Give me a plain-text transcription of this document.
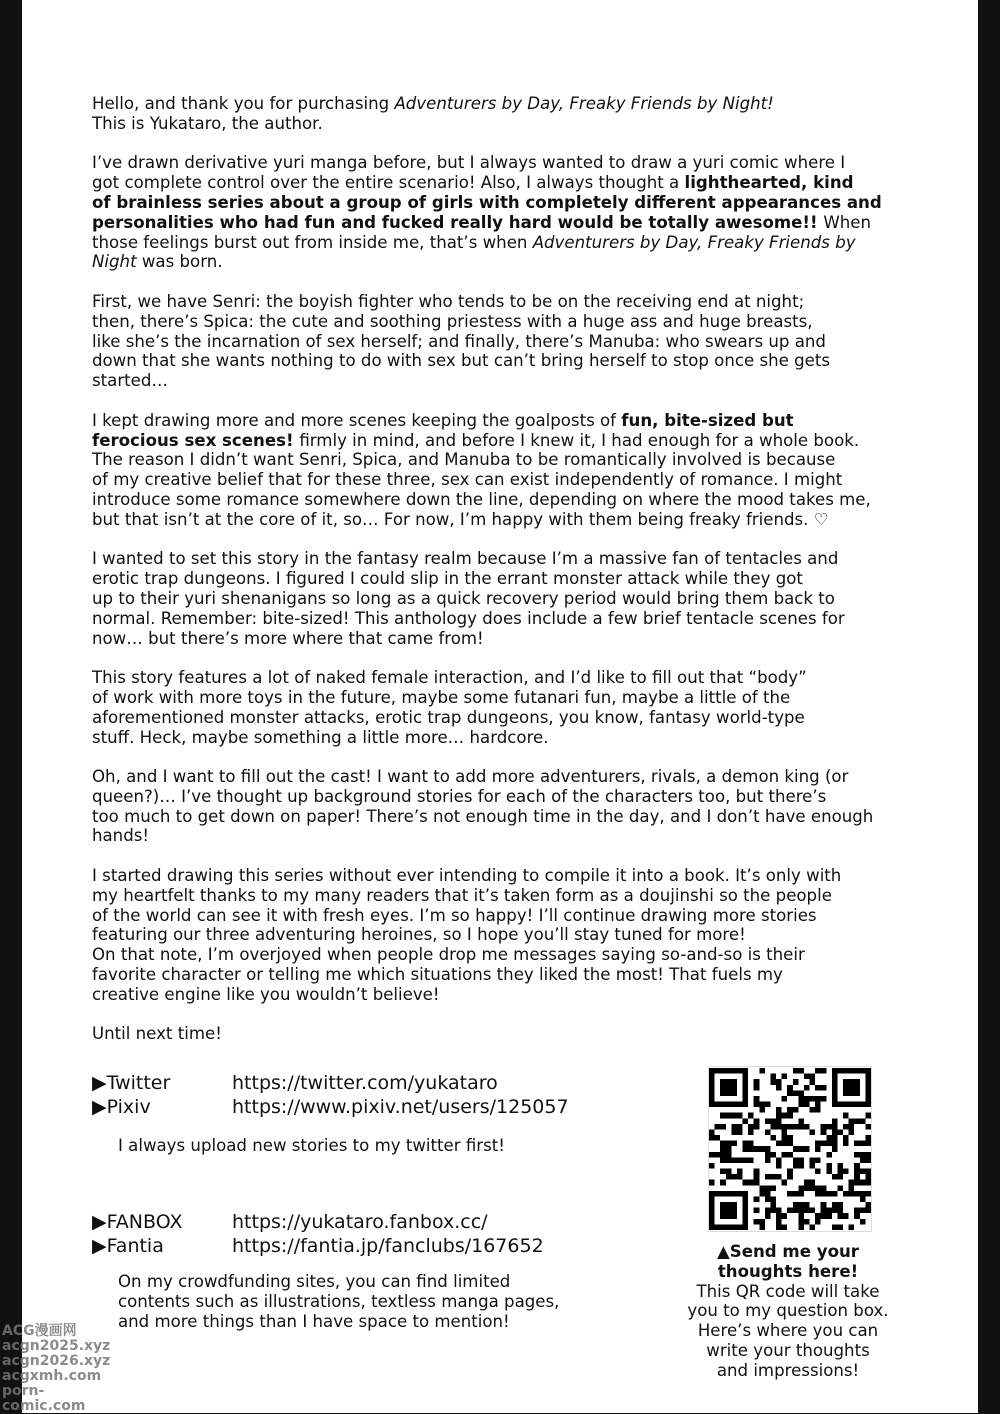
Hello, and thank you for purchasing Adventurers by Day, Freaky Friends by Night!
This is Yukataro, the author.

I’ve drawn derivative yuri manga before, but I always wanted to draw a yuri comic where I
got complete control over the entire scenario! Also, I always thought a lighthearted, kind
of brainless series about a group of girls with completely different appearances and
personalities who had fun and fucked really hard would be totally awesome!! When
those feelings burst out from inside me, that’s when Adventurers by Day, Freaky Friends by
Night was born.

First, we have Senri: the boyish fighter who tends to be on the receiving end at night;
then, there’s Spica: the cute and soothing priestess with a huge ass and huge breasts,
like she’s the incarnation of sex herself; and finally, there’s Manuba: who swears up and
down that she wants nothing to do with sex but can’t bring herself to stop once she gets
started…

I kept drawing more and more scenes keeping the goalposts of fun, bite-sized but
ferocious sex scenes! firmly in mind, and before I knew it, I had enough for a whole book.
The reason I didn’t want Senri, Spica, and Manuba to be romantically involved is because
of my creative belief that for these three, sex can exist independently of romance. I might
introduce some romance somewhere down the line, depending on where the mood takes me,
but that isn’t at the core of it, so… For now, I’m happy with them being freaky friends. ♡

I wanted to set this story in the fantasy realm because I’m a massive fan of tentacles and
erotic trap dungeons. I figured I could slip in the errant monster attack while they got
up to their yuri shenanigans so long as a quick recovery period would bring them back to
normal. Remember: bite-sized! This anthology does include a few brief tentacle scenes for
now… but there’s more where that came from!

This story features a lot of naked female interaction, and I’d like to fill out that “body”
of work with more toys in the future, maybe some futanari fun, maybe a little of the
aforementioned monster attacks, erotic trap dungeons, you know, fantasy world-type
stuff. Heck, maybe something a little more… hardcore.

Oh, and I want to fill out the cast! I want to add more adventurers, rivals, a demon king (or
queen?)… I’ve thought up background stories for each of the characters too, but there’s
too much to get down on paper! There’s not enough time in the day, and I don’t have enough
hands!

I started drawing this series without ever intending to compile it into a book. It’s only with
my heartfelt thanks to my many readers that it’s taken form as a doujinshi so the people
of the world can see it with fresh eyes. I’m so happy! I’ll continue drawing more stories
featuring our three adventuring heroines, so I hope you’ll stay tuned for more!
On that note, I’m overjoyed when people drop me messages saying so-and-so is their
favorite character or telling me which situations they liked the most! That fuels my
creative engine like you wouldn’t believe!

Until next time!

▶Twitter	https://twitter.com/yukataro
▶Pixiv	https://www.pixiv.net/users/125057
I always upload new stories to my twitter first!
▶FANBOX	https://yukataro.fanbox.cc/
▶Fantia	https://fantia.jp/fanclubs/167652
On my crowdfunding sites, you can find limited
contents such as illustrations, textless manga pages,
and more things than I have space to mention!
▲Send me your
thoughts here!
This QR code will take
you to my question box.
Here’s where you can
write your thoughts
and impressions!
ACG漫画网
acgn2025.xyz
acgn2026.xyz
acgxmh.com
porn-comic.com
